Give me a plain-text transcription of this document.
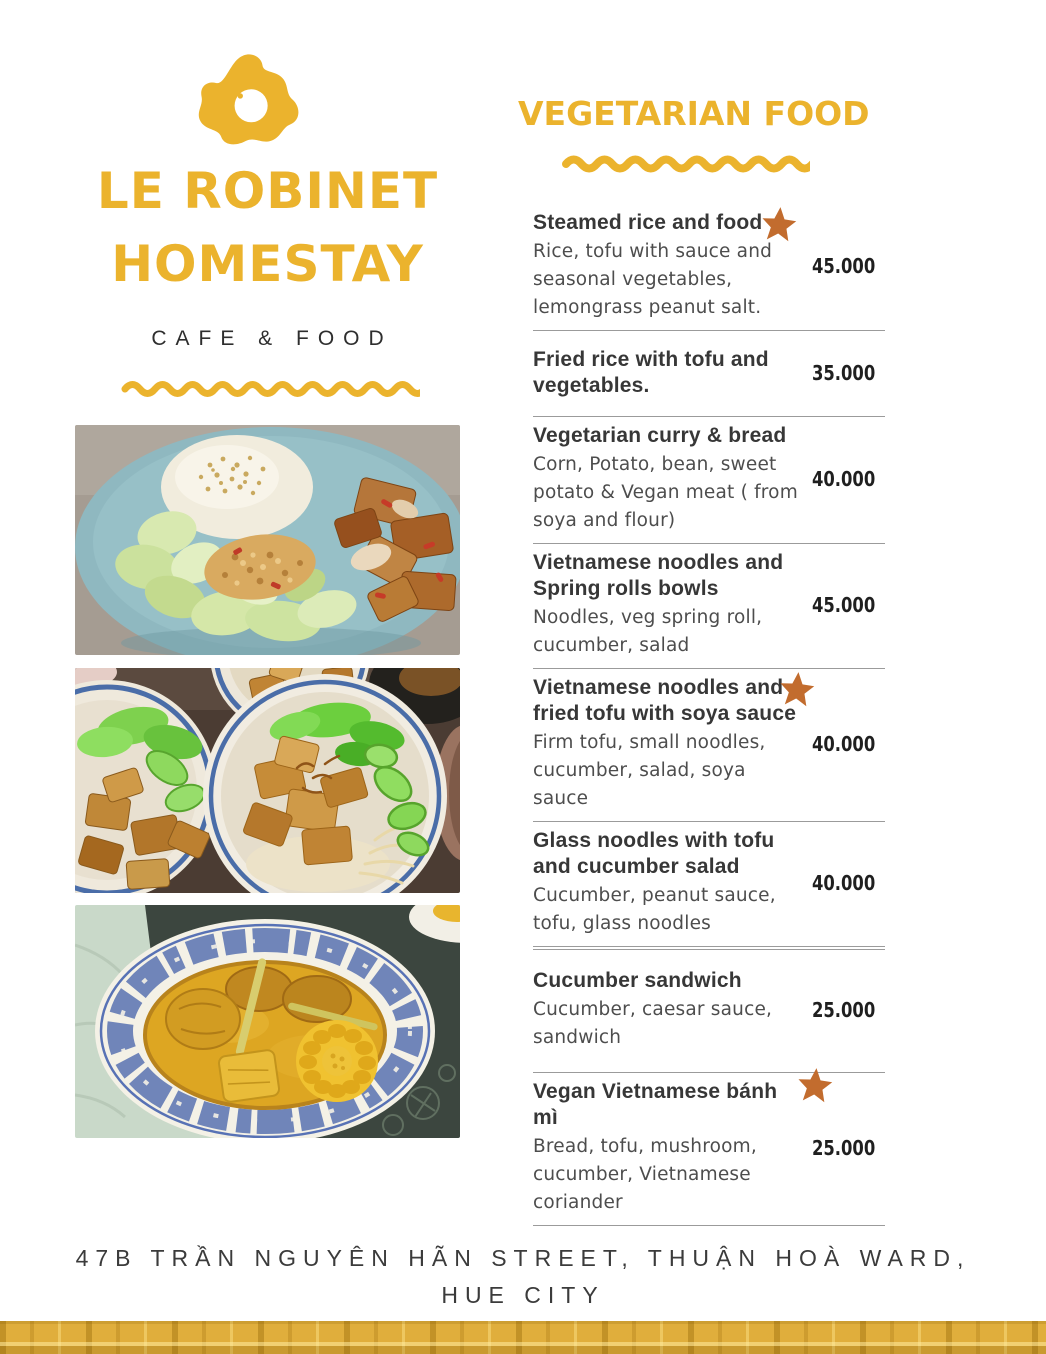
LE ROBINET
HOMESTAY
CAFE & FOOD
VEGETARIAN FOOD
Steamed rice and food
Rice, tofu with sauce and seasonal vegetables, lemongrass peanut salt.
45.000
Fried rice with tofu and vegetables.
35.000
Vegetarian curry & bread
Corn, Potato, bean, sweet potato & Vegan meat ( from soya and flour)
40.000
Vietnamese noodles and Spring rolls bowls
Noodles, veg spring roll, cucumber, salad
45.000
Vietnamese noodles and fried tofu with soya sauce
Firm tofu, small noodles, cucumber, salad, soya sauce
40.000
Glass noodles with tofu and cucumber salad
Cucumber, peanut sauce, tofu, glass noodles
40.000
Cucumber sandwich
Cucumber, caesar sauce, sandwich
25.000
Vegan Vietnamese bánh mì
Bread, tofu, mushroom, cucumber, Vietnamese coriander
25.000
47B TRẦN NGUYÊN HÃN STREET, THUẬN HOÀ WARD,
HUE CITY
